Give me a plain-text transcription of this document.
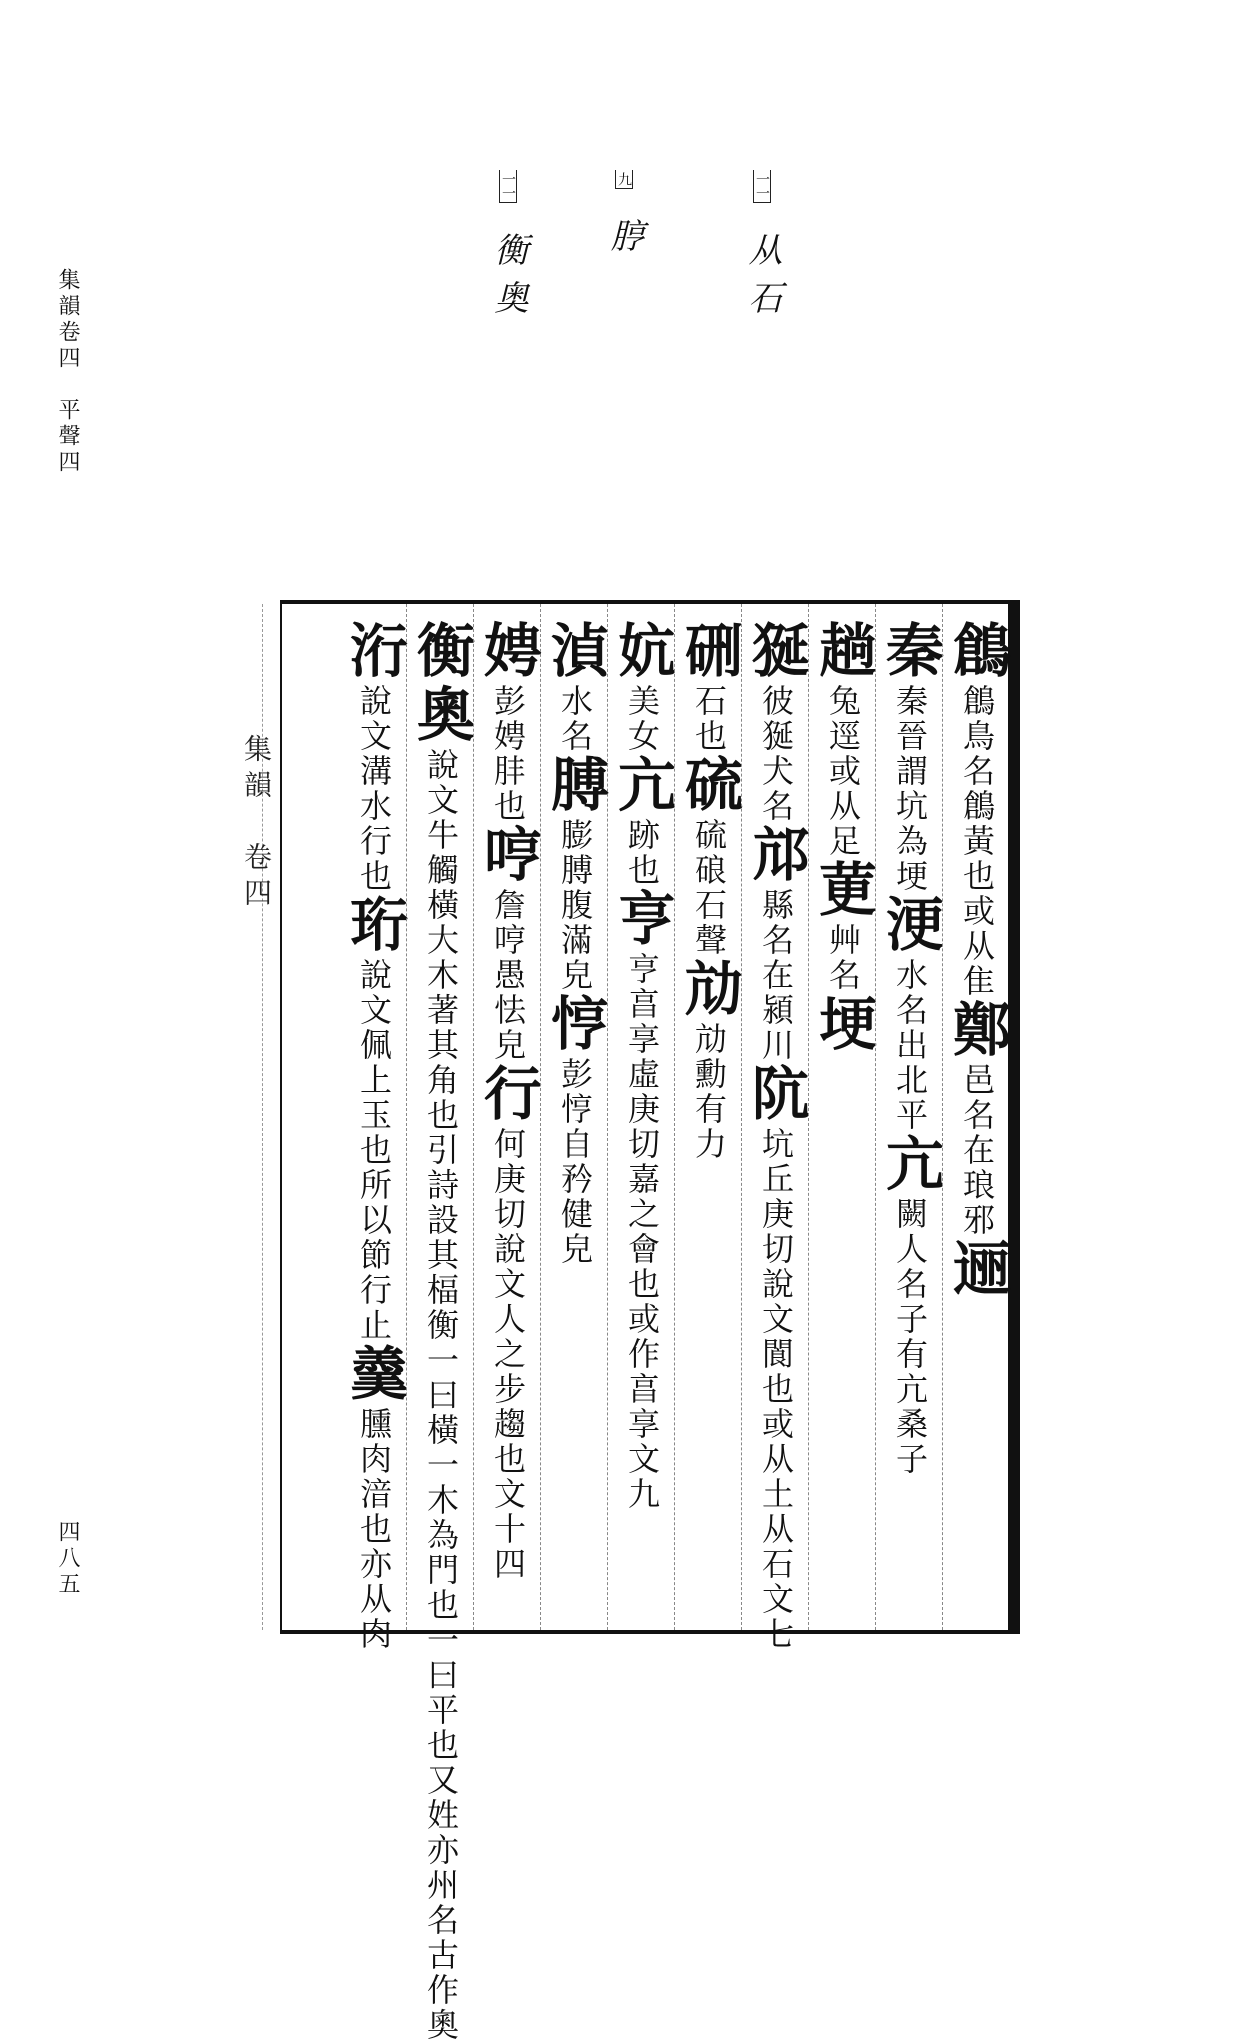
集韻卷四　平聲四
四八五
一一 从石
九 脝
一一 衡奥
集韻　卷四
鶬鶬鳥名鶬黃也或从隹鄭邑名在琅邪逦
秦秦晉謂坑為埂浭水名出北平亢闕人名子有亢桑子
趟兔逕或从足莄艸名埂
狿彼狿犬名邟縣名在潁川阬坑丘庚切說文閬也或从土从石文七
硎石也硫硫硠石聲劥劥勳有力
妔美女亢跡也亨亨亯享虛庚切嘉之會也或作亯享文九
湞水名膊膨膊腹滿皃悙彭悙自矜健皃
娉彭娉肨也哼詹哼愚怯皃行何庚切說文人之步趨也文十四
衡奧說文牛觸橫大木著其角也引詩設其楅衡一曰橫一木為門也一曰平也又姓亦州名古作奧
洐說文溝水行也珩說文佩上玉也所以節行止羹臐肉湆也亦从肉
